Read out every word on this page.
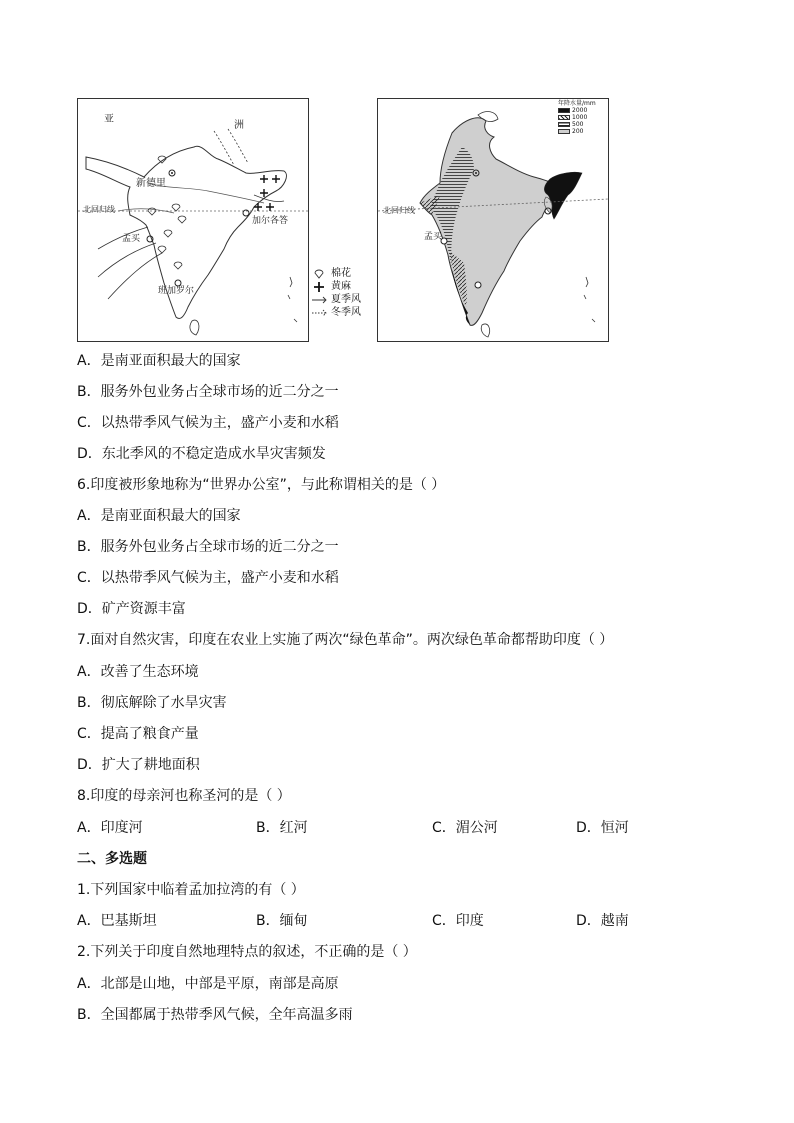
亚
洲
新德里
北回归线
孟买
加尔各答
班加罗尔
棉花
黄麻
夏季风
冬季风
北回归线
孟买
年降水量/mm
2000
1000
500
200
A．是南亚面积最大的国家
B．服务外包业务占全球市场的近二分之一
C．以热带季风气候为主，盛产小麦和水稻
D．东北季风的不稳定造成水旱灾害频发
6.印度被形象地称为“世界办公室”，与此称谓相关的是（ ）
A．是南亚面积最大的国家
B．服务外包业务占全球市场的近二分之一
C．以热带季风气候为主，盛产小麦和水稻
D．矿产资源丰富
7.面对自然灾害，印度在农业上实施了两次“绿色革命”。两次绿色革命都帮助印度（ ）
A．改善了生态环境
B．彻底解除了水旱灾害
C．提高了粮食产量
D．扩大了耕地面积
8.印度的母亲河也称圣河的是（ ）
A．印度河	B．红河	C．湄公河	D．恒河
二、多选题
1.下列国家中临着孟加拉湾的有（ ）
A．巴基斯坦	B．缅甸	C．印度	D．越南
2.下列关于印度自然地理特点的叙述，不正确的是（ ）
A．北部是山地，中部是平原，南部是高原
B．全国都属于热带季风气候，全年高温多雨
